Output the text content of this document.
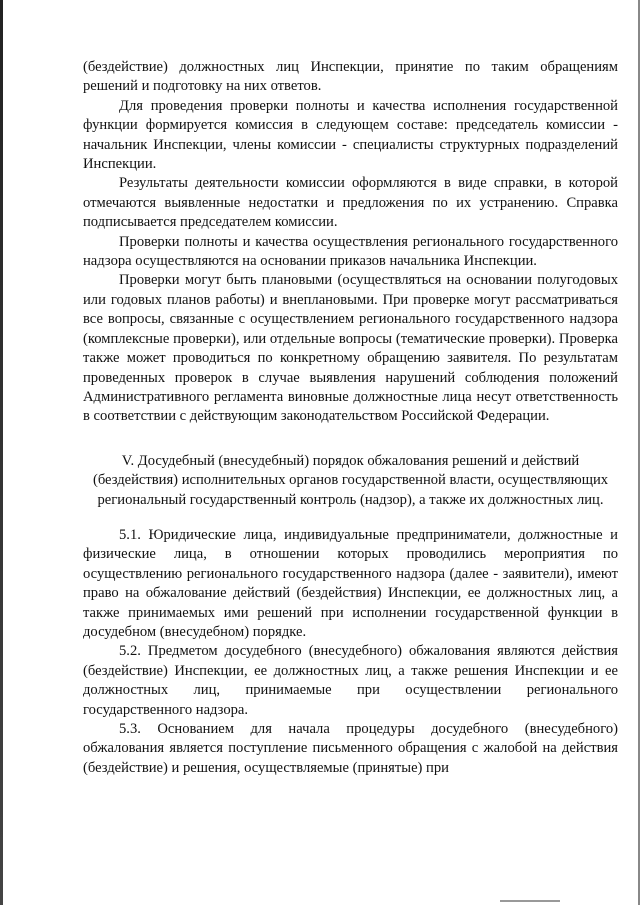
(бездействие) должностных лиц Инспекции, принятие по таким обращениям решений и подготовку на них ответов.

Для проведения проверки полноты и качества исполнения государственной функции формируется комиссия в следующем составе: председатель комиссии - начальник Инспекции, члены комиссии - специалисты структурных подразделений Инспекции.

Результаты деятельности комиссии оформляются в виде справки, в которой отмечаются выявленные недостатки и предложения по их устранению. Справка подписывается председателем комиссии.

Проверки полноты и качества осуществления регионального государственного надзора осуществляются на основании приказов начальника Инспекции.

Проверки могут быть плановыми (осуществляться на основании полугодовых или годовых планов работы) и внеплановыми. При проверке могут рассматриваться все вопросы, связанные с осуществлением регионального государственного надзора (комплексные проверки), или отдельные вопросы (тематические проверки). Проверка также может проводиться по конкретному обращению заявителя. По результатам проведенных проверок в случае выявления нарушений соблюдения положений Административного регламента виновные должностные лица несут ответственность в соответствии с действующим законодательством Российской Федерации.

V. Досудебный (внесудебный) порядок обжалования решений и действий (бездействия) исполнительных органов государственной власти, осуществляющих региональный государственный контроль (надзор), а также их должностных лиц.

5.1. Юридические лица, индивидуальные предприниматели, должностные и физические лица, в отношении которых проводились мероприятия по осуществлению регионального государственного надзора (далее - заявители), имеют право на обжалование действий (бездействия) Инспекции, ее должностных лиц, а также принимаемых ими решений при исполнении государственной функции в досудебном (внесудебном) порядке.

5.2. Предметом досудебного (внесудебного) обжалования являются действия (бездействие) Инспекции, ее должностных лиц, а также решения Инспекции и ее должностных лиц, принимаемые при осуществлении регионального государственного надзора.

5.3. Основанием для начала процедуры досудебного (внесудебного) обжалования является поступление письменного обращения с жалобой на действия (бездействие) и решения, осуществляемые (принятые) при
